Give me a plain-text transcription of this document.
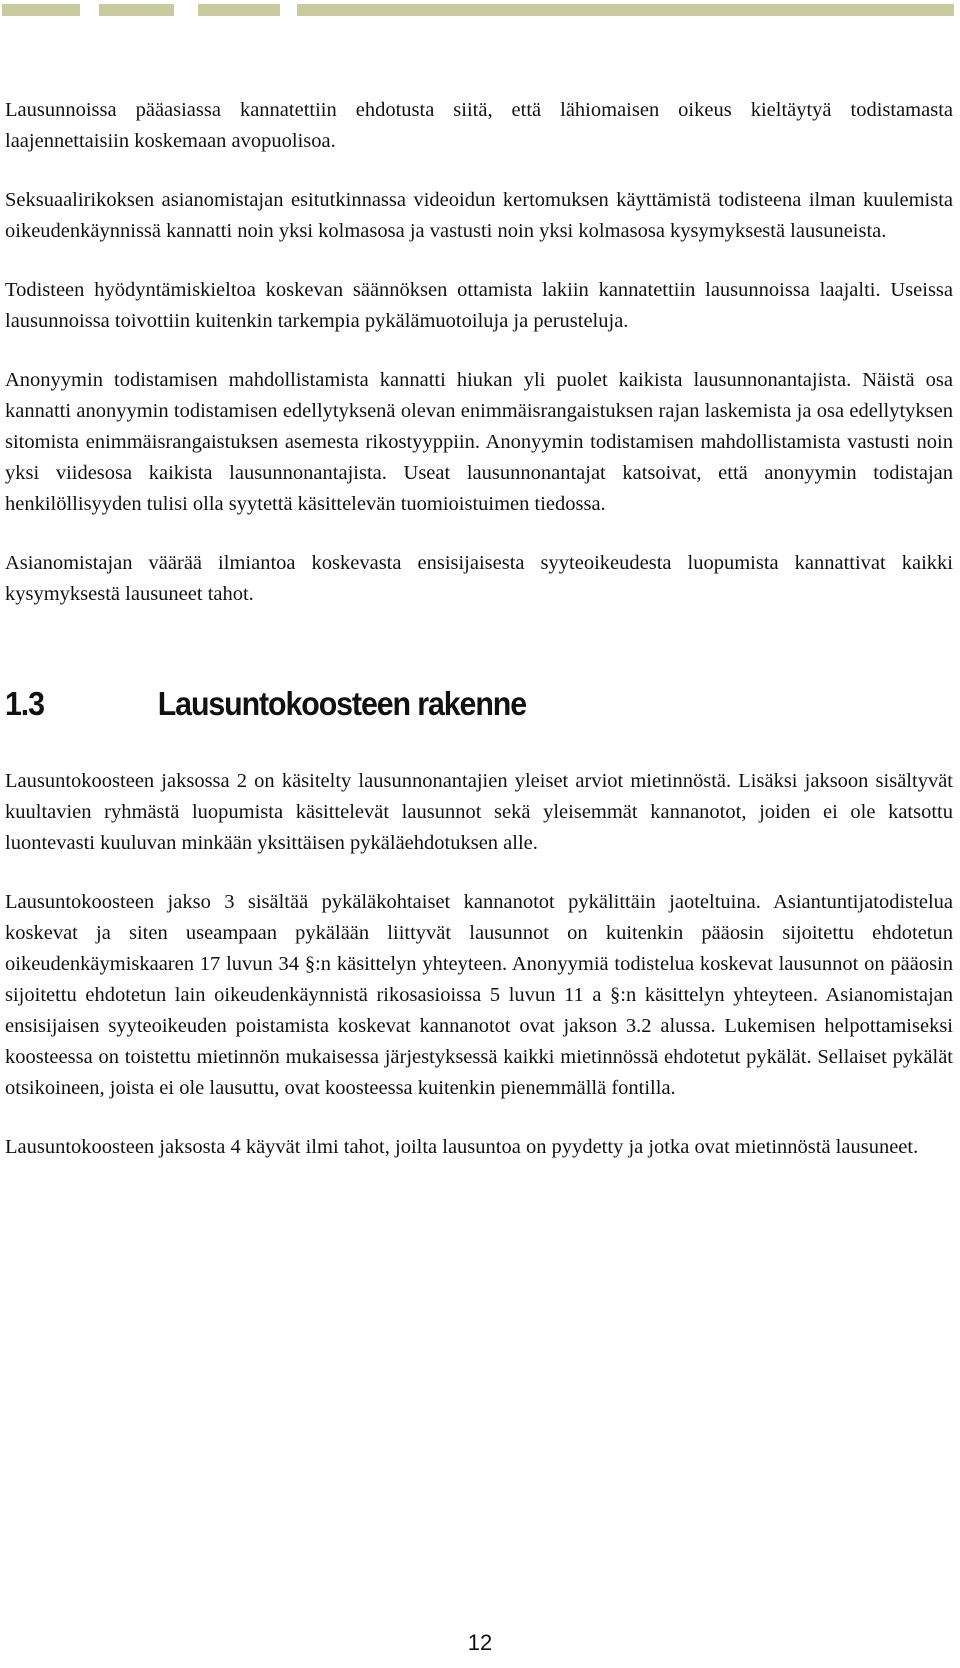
Lausunnoissa pääasiassa kannatettiin ehdotusta siitä, että lähiomaisen oikeus kieltäytyä todistamasta laajennettaisiin koskemaan avopuolisoa.

Seksuaalirikoksen asianomistajan esitutkinnassa videoidun kertomuksen käyttämistä todisteena ilman kuulemista oikeudenkäynnissä kannatti noin yksi kolmasosa ja vastusti noin yksi kolmasosa kysymyksestä lausuneista.

Todisteen hyödyntämiskieltoa koskevan säännöksen ottamista lakiin kannatettiin lausunnoissa laajalti. Useissa lausunnoissa toivottiin kuitenkin tarkempia pykälämuotoiluja ja perusteluja.

Anonyymin todistamisen mahdollistamista kannatti hiukan yli puolet kaikista lausunnonantajista. Näistä osa kannatti anonyymin todistamisen edellytyksenä olevan enimmäisrangaistuksen rajan laskemista ja osa edellytyksen sitomista enimmäisrangaistuksen asemesta rikostyyppiin. Anonyymin todistamisen mahdollistamista vastusti noin yksi viidesosa kaikista lausunnonantajista. Useat lausunnonantajat katsoivat, että anonyymin todistajan henkilöllisyyden tulisi olla syytettä käsittelevän tuomioistuimen tiedossa.

Asianomistajan väärää ilmiantoa koskevasta ensisijaisesta syyteoikeudesta luopumista kannattivat kaikki kysymyksestä lausuneet tahot.

1.3	Lausuntokoosteen rakenne

Lausuntokoosteen jaksossa 2 on käsitelty lausunnonantajien yleiset arviot mietinnöstä. Lisäksi jaksoon sisältyvät kuultavien ryhmästä luopumista käsittelevät lausunnot sekä yleisemmät kannanotot, joiden ei ole katsottu luontevasti kuuluvan minkään yksittäisen pykäläehdotuksen alle.

Lausuntokoosteen jakso 3 sisältää pykäläkohtaiset kannanotot pykälittäin jaoteltuina. Asiantuntijatodistelua koskevat ja siten useampaan pykälään liittyvät lausunnot on kuitenkin pääosin sijoitettu ehdotetun oikeudenkäymiskaaren 17 luvun 34 §:n käsittelyn yhteyteen. Anonyymiä todistelua koskevat lausunnot on pääosin sijoitettu ehdotetun lain oikeudenkäynnistä rikosasioissa 5 luvun 11 a §:n käsittelyn yhteyteen. Asianomistajan ensisijaisen syyteoikeuden poistamista koskevat kannanotot ovat jakson 3.2 alussa. Lukemisen helpottamiseksi koosteessa on toistettu mietinnön mukaisessa järjestyksessä kaikki mietinnössä ehdotetut pykälät. Sellaiset pykälät otsikoineen, joista ei ole lausuttu, ovat koosteessa kuitenkin pienemmällä fontilla.

Lausuntokoosteen jaksosta 4 käyvät ilmi tahot, joilta lausuntoa on pyydetty ja jotka ovat mietinnöstä lausuneet.

12
